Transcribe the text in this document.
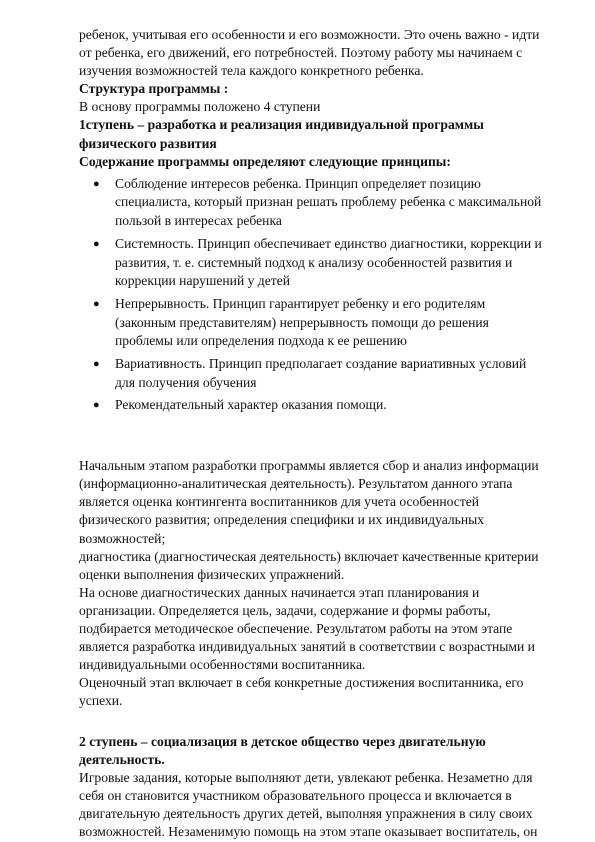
ребенок, учитывая его особенности и его возможности. Это очень важно - идти
от ребенка, его движений, его потребностей. Поэтому работу мы начинаем с
изучения возможностей тела каждого конкретного ребенка.
Структура программы :
В основу программы положено 4 ступени
1ступень – разработка и реализация индивидуальной программы
физического развития
Содержание программы определяют следующие принципы:
● Соблюдение интересов ребенка. Принцип определяет позицию
специалиста, который признан решать проблему ребенка с максимальной
пользой в интересах ребенка
● Системность. Принцип обеспечивает единство диагностики, коррекции и
развития, т. е. системный подход к анализу особенностей развития и
коррекции нарушений у детей
● Непрерывность. Принцип гарантирует ребенку и его родителям
(законным представителям) непрерывность помощи до решения
проблемы или определения подхода к ее решению
● Вариативность. Принцип предполагает создание вариативных условий
для получения обучения
● Рекомендательный характер оказания помощи.
Начальным этапом разработки программы является сбор и анализ информации
(информационно-аналитическая деятельность). Результатом данного этапа
является оценка контингента воспитанников для учета особенностей
физического развития; определения специфики и их индивидуальных
возможностей;
диагностика (диагностическая деятельность) включает качественные критерии
оценки выполнения физических упражнений.
На основе диагностических данных начинается этап планирования и
организации. Определяется цель, задачи, содержание и формы работы,
подбирается методическое обеспечение. Результатом работы на этом этапе
является разработка индивидуальных занятий в соответствии с возрастными и
индивидуальными особенностями воспитанника.
Оценочный этап включает в себя конкретные достижения воспитанника, его
успехи.
2 ступень – социализация в детское общество через двигательную
деятельность.
Игровые задания, которые выполняют дети, увлекают ребенка. Незаметно для
себя он становится участником образовательного процесса и включается в
двигательную деятельность других детей, выполняя упражнения в силу своих
возможностей. Незаменимую помощь на этом этапе оказывает воспитатель, он
